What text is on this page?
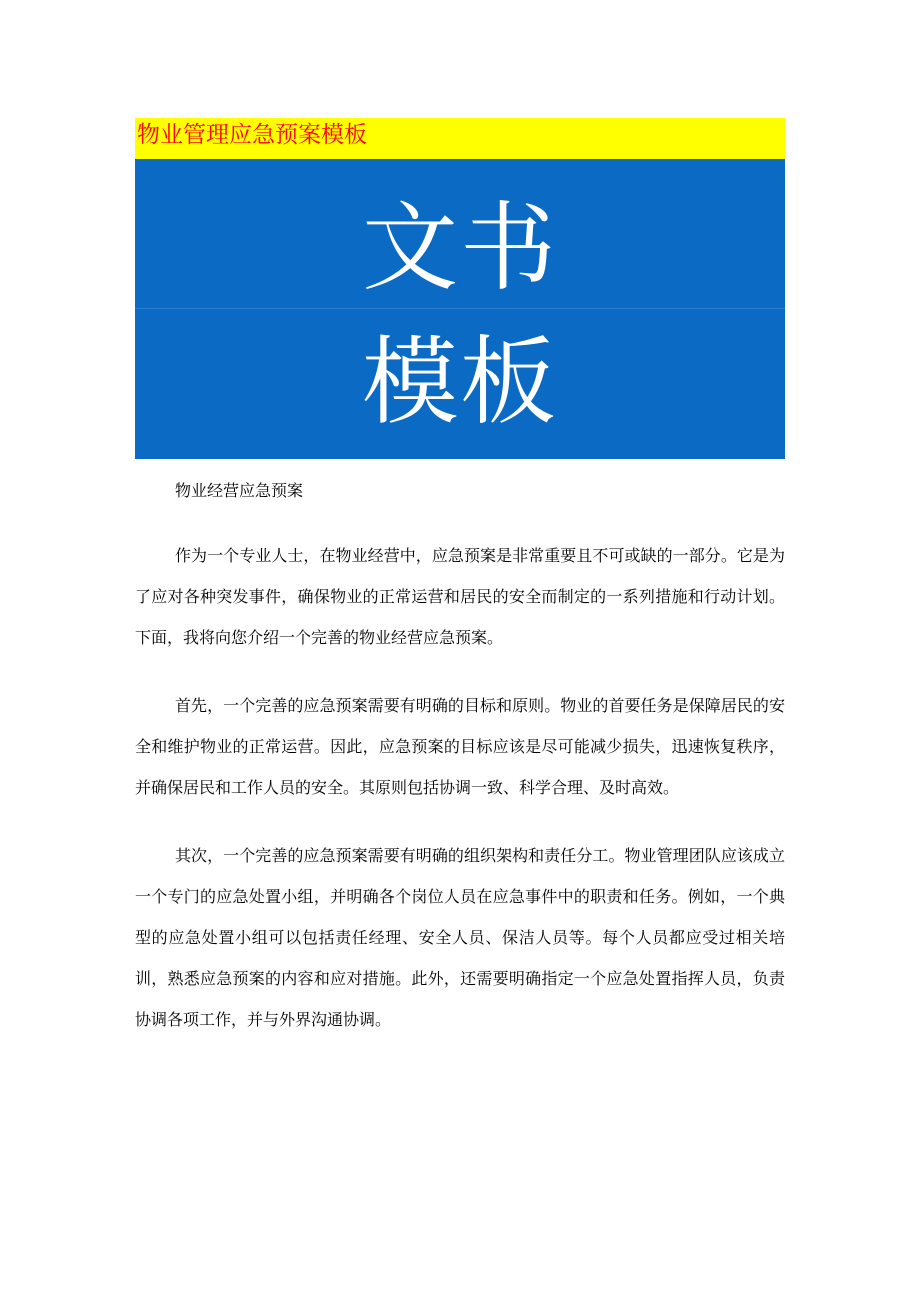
物业管理应急预案模板
文书
模板
物业经营应急预案

作为一个专业人士，在物业经营中，应急预案是非常重要且不可或缺的一部分。它是为了应对各种突发事件，确保物业的正常运营和居民的安全而制定的一系列措施和行动计划。下面，我将向您介绍一个完善的物业经营应急预案。

首先，一个完善的应急预案需要有明确的目标和原则。物业的首要任务是保障居民的安全和维护物业的正常运营。因此，应急预案的目标应该是尽可能减少损失，迅速恢复秩序，并确保居民和工作人员的安全。其原则包括协调一致、科学合理、及时高效。

其次，一个完善的应急预案需要有明确的组织架构和责任分工。物业管理团队应该成立一个专门的应急处置小组，并明确各个岗位人员在应急事件中的职责和任务。例如，一个典型的应急处置小组可以包括责任经理、安全人员、保洁人员等。每个人员都应受过相关培训，熟悉应急预案的内容和应对措施。此外，还需要明确指定一个应急处置指挥人员，负责协调各项工作，并与外界沟通协调。
